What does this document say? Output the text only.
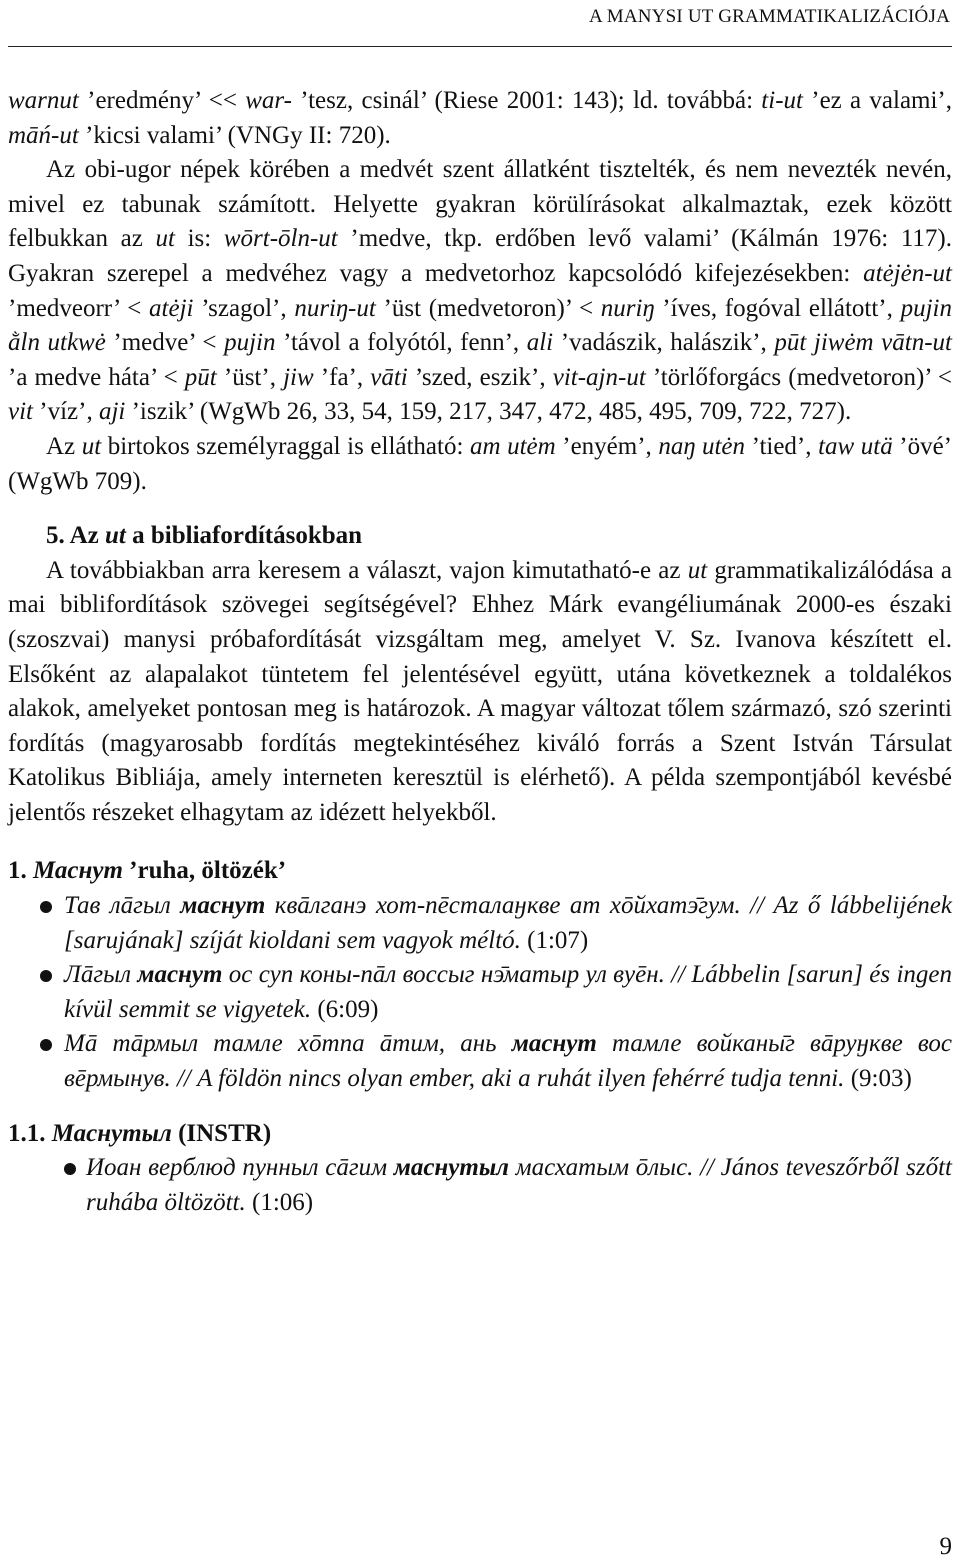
A MANYSI UT GRAMMATIKALIZÁCIÓJA

warnut ’eredmény’ << war- ’tesz, csinál’ (Riese 2001: 143); ld. továbbá: ti-ut ’ez a valami’, māń-ut ’kicsi valami’ (VNGy II: 720).

Az obi-ugor népek körében a medvét szent állatként tisztelték, és nem nevezték nevén, mivel ez tabunak számított. Helyette gyakran körülírásokat alkalmaztak, ezek között felbukkan az ut is: wōrt-ōln-ut ’medve, tkp. erdőben levő valami’ (Kálmán 1976: 117). Gyakran szerepel a medvéhez vagy a medvetorhoz kapcsolódó kifejezésekben: atėjėn-ut ’medveorr’ < atėji ’szagol’, nuriŋ-ut ’üst (medvetoron)’ < nuriŋ ’íves, fogóval ellátott’, pujin ằln utkwė ’medve’ < pujin ’távol a folyótól, fenn’, ali ’vadászik, halászik’, pūt jiwėm vātn-ut ’a medve háta’ < pūt ’üst’, jiw ’fa’, vāti ’szed, eszik’, vit-ajn-ut ’törlőforgács (medvetoron)’ < vit ’víz’, aji ’iszik’ (WgWb 26, 33, 54, 159, 217, 347, 472, 485, 495, 709, 722, 727).

Az ut birtokos személyraggal is ellátható: am utėm ’enyém’, naŋ utėn ’tied’, taw utä ’övé’ (WgWb 709).

5. Az ut a bibliafordításokban

A továbbiakban arra keresem a választ, vajon kimutatható-e az ut grammatikalizálódása a mai biblifordítások szövegei segítségével? Ehhez Márk evangéliumának 2000-es északi (szoszvai) manysi próbafordítását vizsgáltam meg, amelyet V. Sz. Ivanova készített el. Elsőként az alapalakot tüntetem fel jelentésével együtt, utána következnek a toldalékos alakok, amelyeket pontosan meg is határozok. A magyar változat tőlem származó, szó szerinti fordítás (magyarosabb fordítás megtekintéséhez kiváló forrás a Szent István Társulat Katolikus Bibliája, amely interneten keresztül is elérhető). A példa szempontjából kevésbé jelentős részeket elhagytam az idézett helyekből.

1. Маснут ’ruha, öltözék’

Тав лāгыл маснут квāлганэ хот-пēсталаӈкве ат хōйхатэ̄гум. // Az ő lábbelijének [sarujának] szíját kioldani sem vagyok méltó. (1:07)

Лāгыл маснут ос суп коны-пāл воссыг нэ̄матыр ул вуēн. // Lábbelin [sarun] és ingen kívül semmit se vigyetek. (6:09)

Мā тāрмыл тамле хōтпа āтим, ань маснут тамле войканы̄г вāруӈкве вос вēрмынув. // A földön nincs olyan ember, aki a ruhát ilyen fehérré tudja tenni. (9:03)

1.1. Маснутыл (INSTR)

Иоан верблюд пунныл сāгим маснутыл масхатым ōлыс. // János teveszőrből szőtt ruhába öltözött. (1:06)

9
